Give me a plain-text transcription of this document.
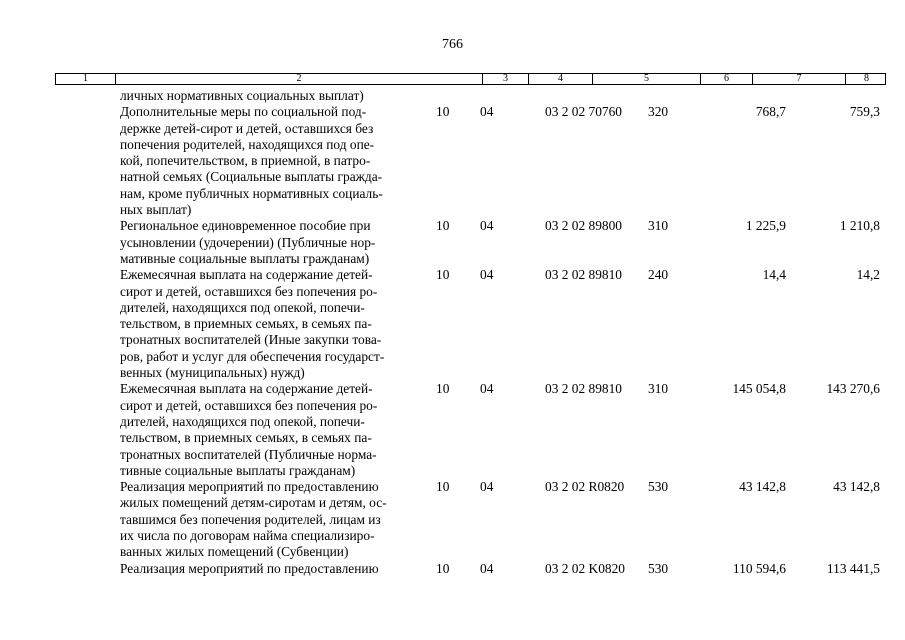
766
1	2	3	4	5	6	7	8
личных нормативных социальных выплат)
Дополнительные меры по социальной под-
держке детей-сирот и детей, оставшихся без
попечения родителей, находящихся под опе-
кой, попечительством, в приемной, в патро-
натной семьях (Социальные выплаты гражда-
нам, кроме публичных нормативных социаль-
ных выплат)
10 04	03 2 02 70760 320	768,7	759,3
Региональное единовременное пособие при
усыновлении (удочерении) (Публичные нор-
мативные социальные выплаты гражданам)
10 04	03 2 02 89800 310	1 225,9	1 210,8
Ежемесячная выплата на содержание детей-
сирот и детей, оставшихся без попечения ро-
дителей, находящихся под опекой, попечи-
тельством, в приемных семьях, в семьях па-
тронатных воспитателей (Иные закупки това-
ров, работ и услуг для обеспечения государст-
венных (муниципальных) нужд)
10 04	03 2 02 89810 240	14,4	14,2
Ежемесячная выплата на содержание детей-
сирот и детей, оставшихся без попечения ро-
дителей, находящихся под опекой, попечи-
тельством, в приемных семьях, в семьях па-
тронатных воспитателей (Публичные норма-
тивные социальные выплаты гражданам)
10 04	03 2 02 89810 310	145 054,8	143 270,6
Реализация мероприятий по предоставлению
жилых помещений детям-сиротам и детям, ос-
тавшимся без попечения родителей, лицам из
их числа по договорам найма специализиро-
ванных жилых помещений (Субвенции)
10 04	03 2 02 R0820 530	43 142,8	43 142,8
Реализация мероприятий по предоставлению	10 04	03 2 02 K0820 530	110 594,6	113 441,5
